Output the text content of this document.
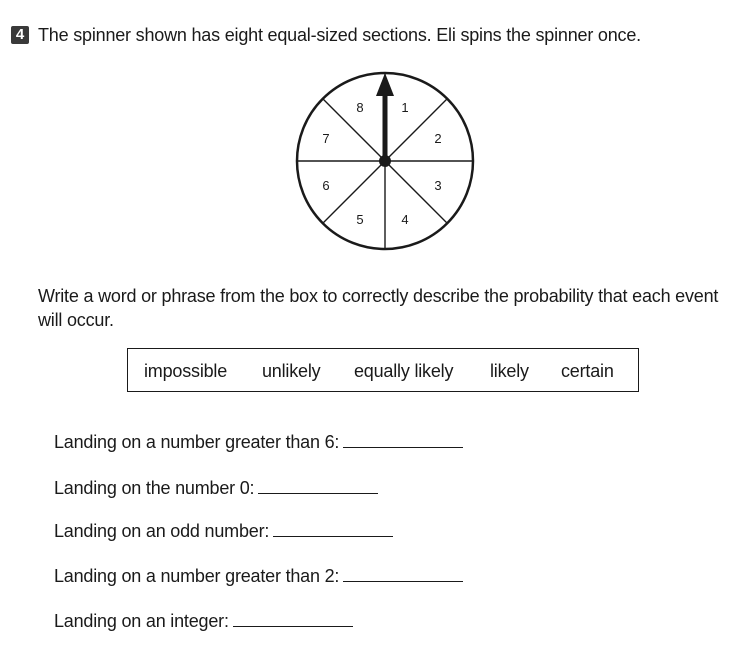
4 The spinner shown has eight equal-sized sections. Eli spins the spinner once.
1
2
3
4
5
6
7
8
Write a word or phrase from the box to correctly describe the probability that each event will occur.
impossible unlikely equally likely likely certain
Landing on a number greater than 6:
Landing on the number 0:
Landing on an odd number:
Landing on a number greater than 2:
Landing on an integer:
